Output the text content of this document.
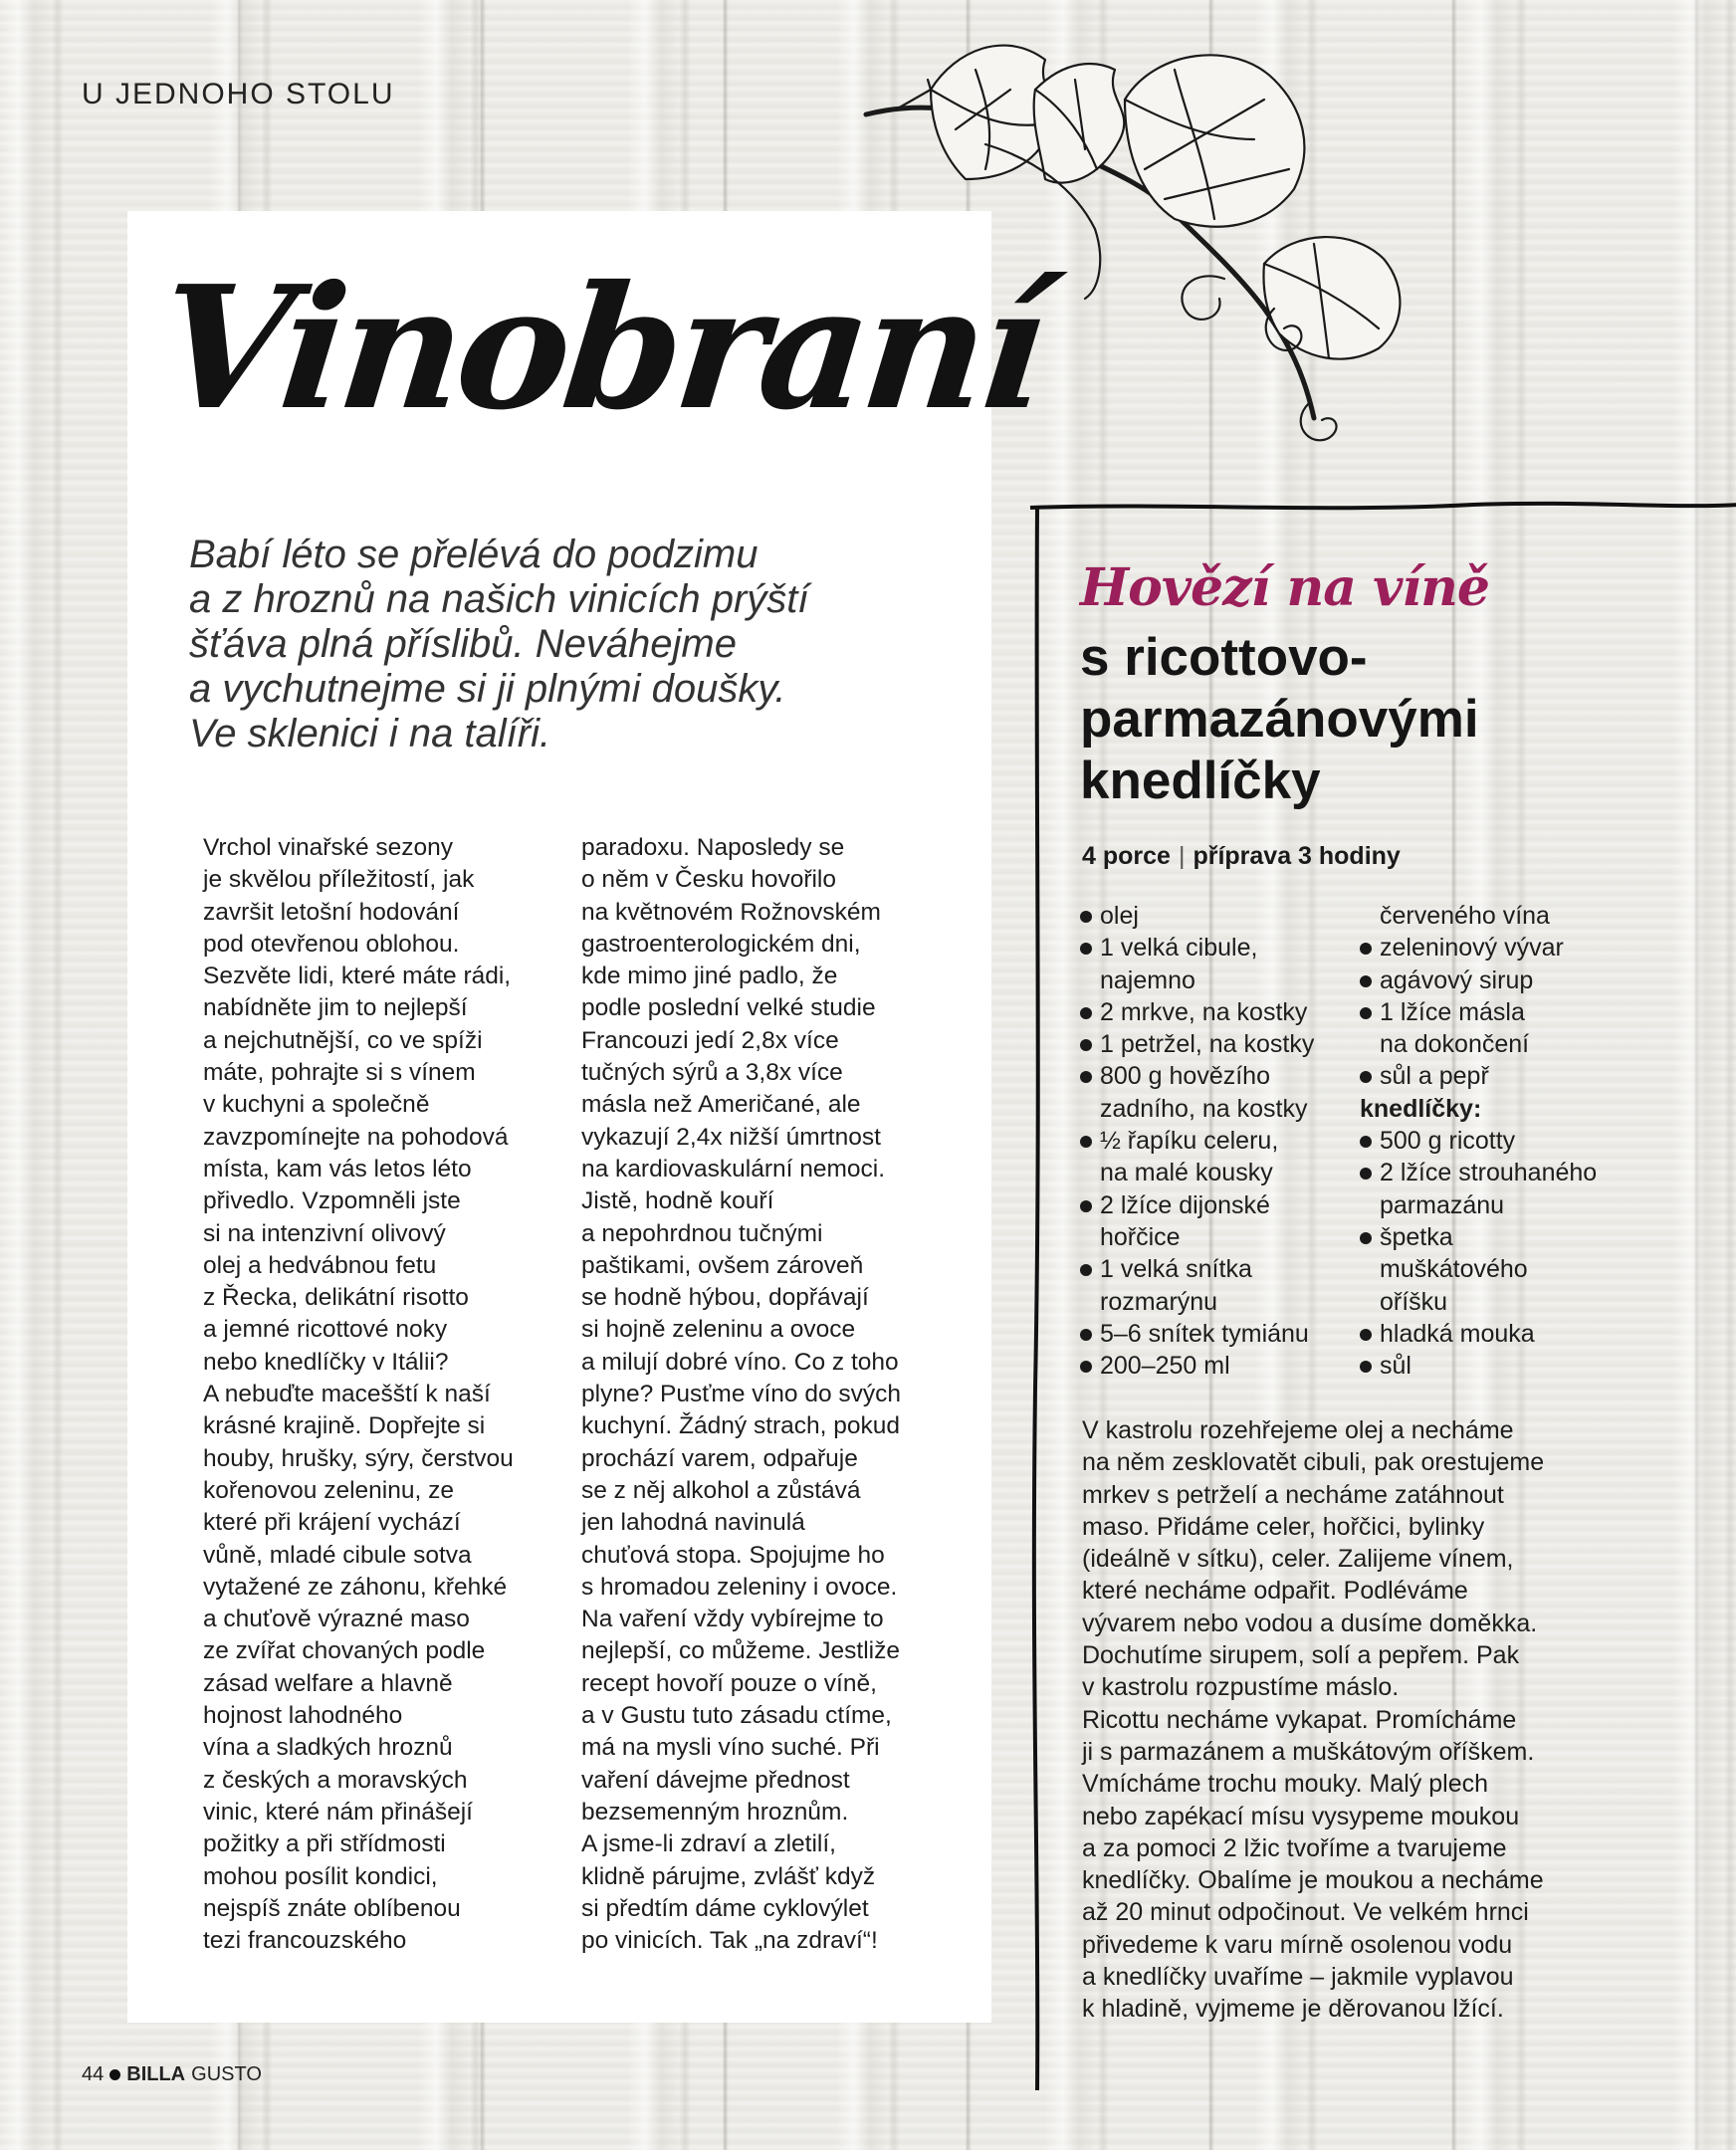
U JEDNOHO STOLU
Vinobraní
Babí léto se přelévá do podzimu
a z hroznů na našich vinicích prýští
šťáva plná příslibů. Neváhejme
a vychutnejme si ji plnými doušky.
Ve sklenici i na talíři.
Vrchol vinařské sezony
je skvělou příležitostí, jak
završit letošní hodování
pod otevřenou oblohou.
Sezvěte lidi, které máte rádi,
nabídněte jim to nejlepší
a nejchutnější, co ve spíži
máte, pohrajte si s vínem
v kuchyni a společně
zavzpomínejte na pohodová
místa, kam vás letos léto
přivedlo. Vzpomněli jste
si na intenzivní olivový
olej a hedvábnou fetu
z Řecka, delikátní risotto
a jemné ricottové noky
nebo knedlíčky v Itálii?
A nebuďte macešští k naší
krásné krajině. Dopřejte si
houby, hrušky, sýry, čerstvou
kořenovou zeleninu, ze
které při krájení vychází
vůně, mladé cibule sotva
vytažené ze záhonu, křehké
a chuťově výrazné maso
ze zvířat chovaných podle
zásad welfare a hlavně
hojnost lahodného
vína a sladkých hroznů
z českých a moravských
vinic, které nám přinášejí
požitky a při střídmosti
mohou posílit kondici,
nejspíš znáte oblíbenou
tezi francouzského
paradoxu. Naposledy se
o něm v Česku hovořilo
na květnovém Rožnovském
gastroenterologickém dni,
kde mimo jiné padlo, že
podle poslední velké studie
Francouzi jedí 2,8x více
tučných sýrů a 3,8x více
másla než Američané, ale
vykazují 2,4x nižší úmrtnost
na kardiovaskulární nemoci.
Jistě, hodně kouří
a nepohrdnou tučnými
paštikami, ovšem zároveň
se hodně hýbou, dopřávají
si hojně zeleninu a ovoce
a milují dobré víno. Co z toho
plyne? Pusťme víno do svých
kuchyní. Žádný strach, pokud
prochází varem, odpařuje
se z něj alkohol a zůstává
jen lahodná navinulá
chuťová stopa. Spojujme ho
s hromadou zeleniny i ovoce.
Na vaření vždy vybírejme to
nejlepší, co můžeme. Jestliže
recept hovoří pouze o víně,
a v Gustu tuto zásadu ctíme,
má na mysli víno suché. Při
vaření dávejme přednost
bezsemenným hroznům.
A jsme-li zdraví a zletilí,
klidně párujme, zvlášť když
si předtím dáme cyklovýlet
po vinicích. Tak „na zdraví“!
Hovězí na víně
s ricottovo-
parmazánovými
knedlíčky
4 porce | příprava 3 hodiny
olej
1 velká cibule,
najemno
2 mrkve, na kostky
1 petržel, na kostky
800 g hovězího
zadního, na kostky
½ řapíku celeru,
na malé kousky
2 lžíce dijonské
hořčice
1 velká snítka
rozmarýnu
5–6 snítek tymiánu
200–250 ml
červeného vína
zeleninový vývar
agávový sirup
1 lžíce másla
na dokončení
sůl a pepř
knedlíčky:
500 g ricotty
2 lžíce strouhaného
parmazánu
špetka
muškátového
oříšku
hladká mouka
sůl
V kastrolu rozehřejeme olej a necháme
na něm zesklovatět cibuli, pak orestujeme
mrkev s petrželí a necháme zatáhnout
maso. Přidáme celer, hořčici, bylinky
(ideálně v sítku), celer. Zalijeme vínem,
které necháme odpařit. Podléváme
vývarem nebo vodou a dusíme doměkka.
Dochutíme sirupem, solí a pepřem. Pak
v kastrolu rozpustíme máslo.
Ricottu necháme vykapat. Promícháme
ji s parmazánem a muškátovým oříškem.
Vmícháme trochu mouky. Malý plech
nebo zapékací mísu vysypeme moukou
a za pomoci 2 lžic tvoříme a tvarujeme
knedlíčky. Obalíme je moukou a necháme
až 20 minut odpočinout. Ve velkém hrnci
přivedeme k varu mírně osolenou vodu
a knedlíčky uvaříme – jakmile vyplavou
k hladině, vyjmeme je děrovanou lžící.
44 BILLA GUSTO
